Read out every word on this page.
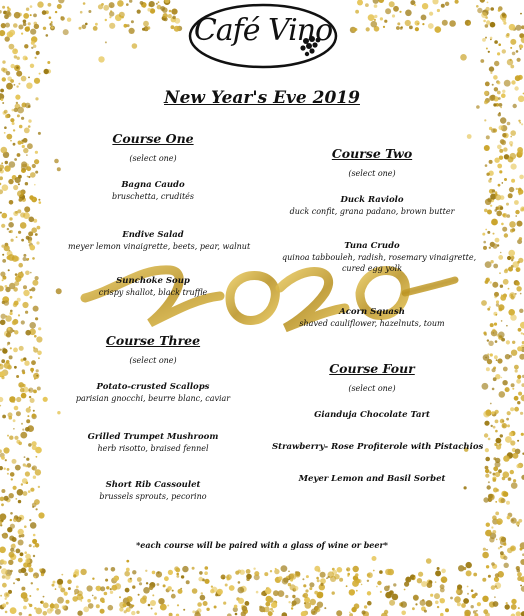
Café Vino
New Year's Eve 2019
Course One
(select one)
Bagna Caudo
bruschetta, crudités
Endive Salad
meyer lemon vinaigrette, beets, pear, walnut
Sunchoke Soup
crispy shallot, black truffle
Course Two
(select one)
Duck Raviolo
duck confit, grana padano, brown butter
Tuna Crudo
quinoa tabbouleh, radish, rosemary vinaigrette,
cured egg yolk
Acorn Squash
shaved cauliflower, hazelnuts, toum
Course Three
(select one)
Potato-crusted Scallops
parisian gnocchi, beurre blanc, caviar
Grilled Trumpet Mushroom
herb risotto, braised fennel
Short Rib Cassoulet
brussels sprouts, pecorino
Course Four
(select one)
Gianduja Chocolate Tart
Strawberry- Rose Profiterole with Pistachios
Meyer Lemon and Basil Sorbet
*each course will be paired with a glass of wine or beer*
